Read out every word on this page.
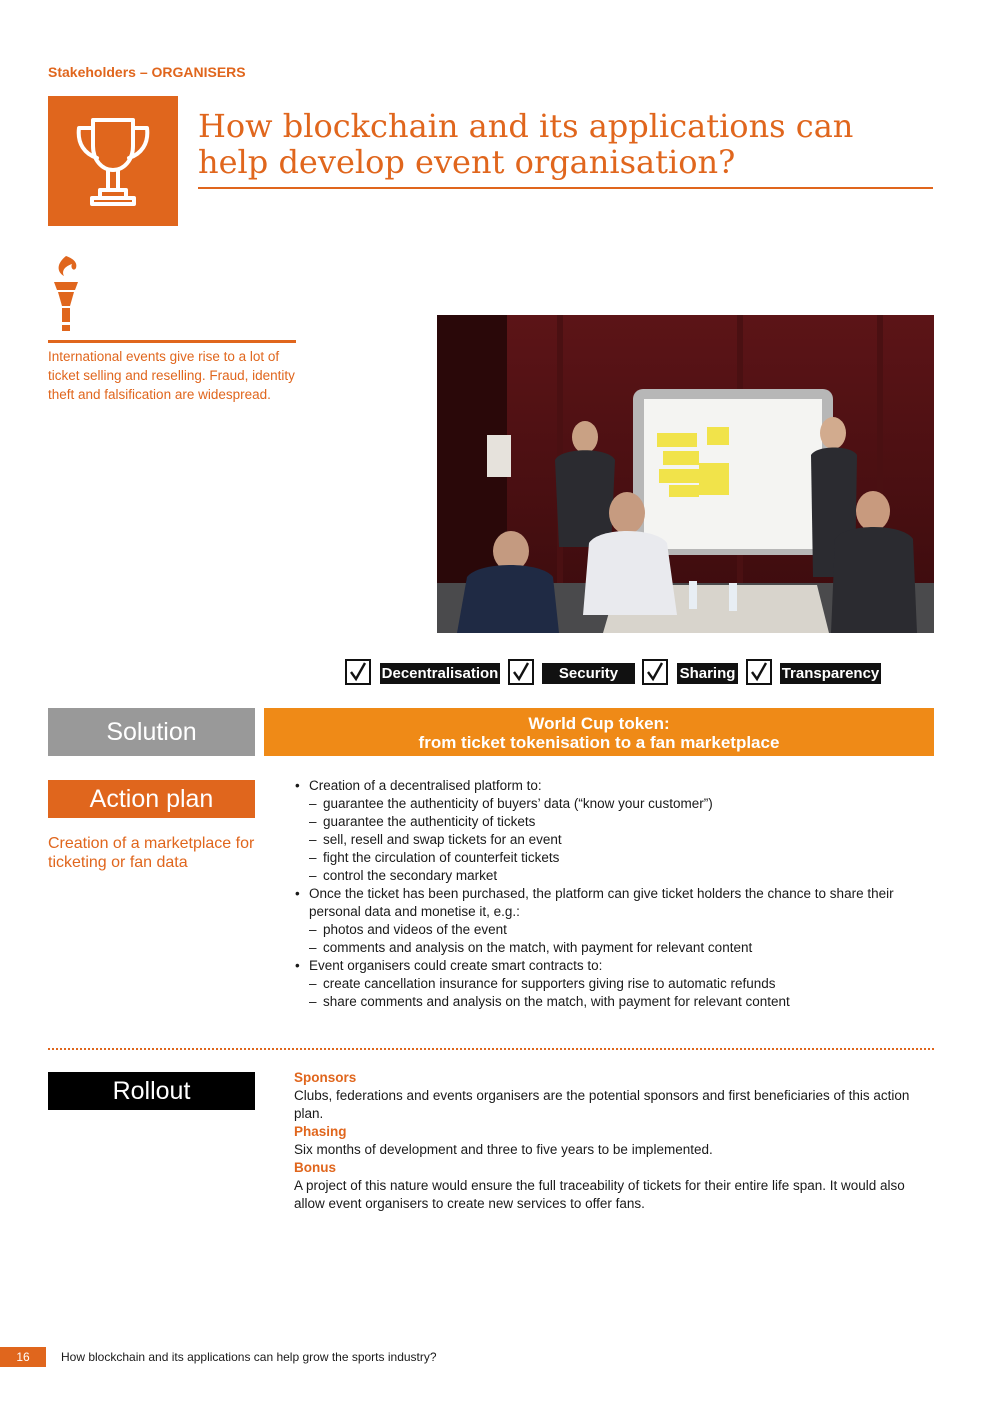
Stakeholders – ORGANISERS
How blockchain and its applications can help develop event organisation?
International events give rise to a lot of ticket selling and reselling. Fraud, identity theft and falsification are widespread.
Decentralisation	Security	Sharing	Transparency
Solution	World Cup token:
from ticket tokenisation to a fan marketplace
Action plan
Creation of a marketplace for ticketing or fan data
• Creation of a decentralised platform to:
– guarantee the authenticity of buyers’ data (“know your customer”)
– guarantee the authenticity of tickets
– sell, resell and swap tickets for an event
– fight the circulation of counterfeit tickets
– control the secondary market
• Once the ticket has been purchased, the platform can give ticket holders the chance to share their personal data and monetise it, e.g.:
– photos and videos of the event
– comments and analysis on the match, with payment for relevant content
• Event organisers could create smart contracts to:
– create cancellation insurance for supporters giving rise to automatic refunds
– share comments and analysis on the match, with payment for relevant content
Rollout	Sponsors
Clubs, federations and events organisers are the potential sponsors and first beneficiaries of this action plan.
Phasing
Six months of development and three to five years to be implemented.
Bonus
A project of this nature would ensure the full traceability of tickets for their entire life span. It would also allow event organisers to create new services to offer fans.
16	How blockchain and its applications can help grow the sports industry?
